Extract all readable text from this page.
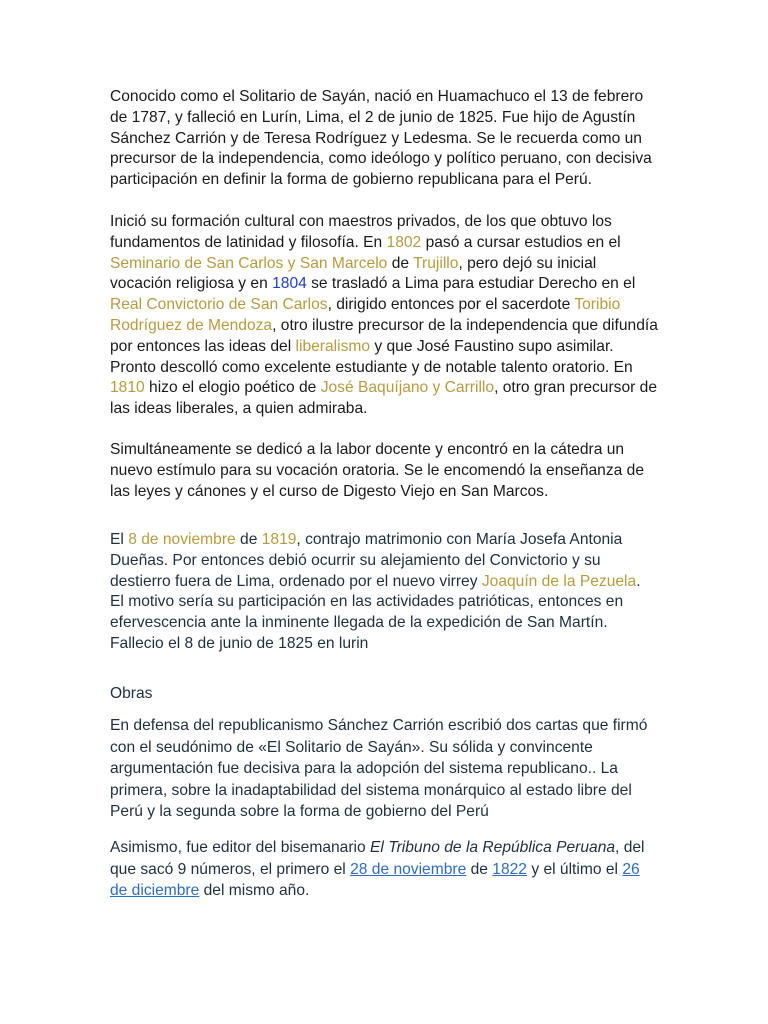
Conocido como el Solitario de Sayán, nació en Huamachuco el 13 de febrero de 1787, y falleció en Lurín, Lima, el 2 de junio de 1825. Fue hijo de Agustín Sánchez Carrión y de Teresa Rodríguez y Ledesma. Se le recuerda como un precursor de la independencia, como ideólogo y político peruano, con decisiva participación en definir la forma de gobierno republicana para el Perú.

Inició su formación cultural con maestros privados, de los que obtuvo los fundamentos de latinidad y filosofía. En 1802 pasó a cursar estudios en el Seminario de San Carlos y San Marcelo de Trujillo, pero dejó su inicial vocación religiosa y en 1804 se trasladó a Lima para estudiar Derecho en el Real Convictorio de San Carlos, dirigido entonces por el sacerdote Toribio Rodríguez de Mendoza, otro ilustre precursor de la independencia que difundía por entonces las ideas del liberalismo y que José Faustino supo asimilar. Pronto descolló como excelente estudiante y de notable talento oratorio. En 1810 hizo el elogio poético de José Baquíjano y Carrillo, otro gran precursor de las ideas liberales, a quien admiraba.

Simultáneamente se dedicó a la labor docente y encontró en la cátedra un nuevo estímulo para su vocación oratoria. Se le encomendó la enseñanza de las leyes y cánones y el curso de Digesto Viejo en San Marcos.

El 8 de noviembre de 1819, contrajo matrimonio con María Josefa Antonia Dueñas. Por entonces debió ocurrir su alejamiento del Convictorio y su destierro fuera de Lima, ordenado por el nuevo virrey Joaquín de la Pezuela. El motivo sería su participación en las actividades patrióticas, entonces en efervescencia ante la inminente llegada de la expedición de San Martín. Fallecio el 8 de junio de 1825 en lurin

Obras

En defensa del republicanismo Sánchez Carrión escribió dos cartas que firmó con el seudónimo de «El Solitario de Sayán». Su sólida y convincente argumentación fue decisiva para la adopción del sistema republicano.. La primera, sobre la inadaptabilidad del sistema monárquico al estado libre del Perú y la segunda sobre la forma de gobierno del Perú

Asimismo, fue editor del bisemanario El Tribuno de la República Peruana, del que sacó 9 números, el primero el 28 de noviembre de 1822 y el último el 26 de diciembre del mismo año.
